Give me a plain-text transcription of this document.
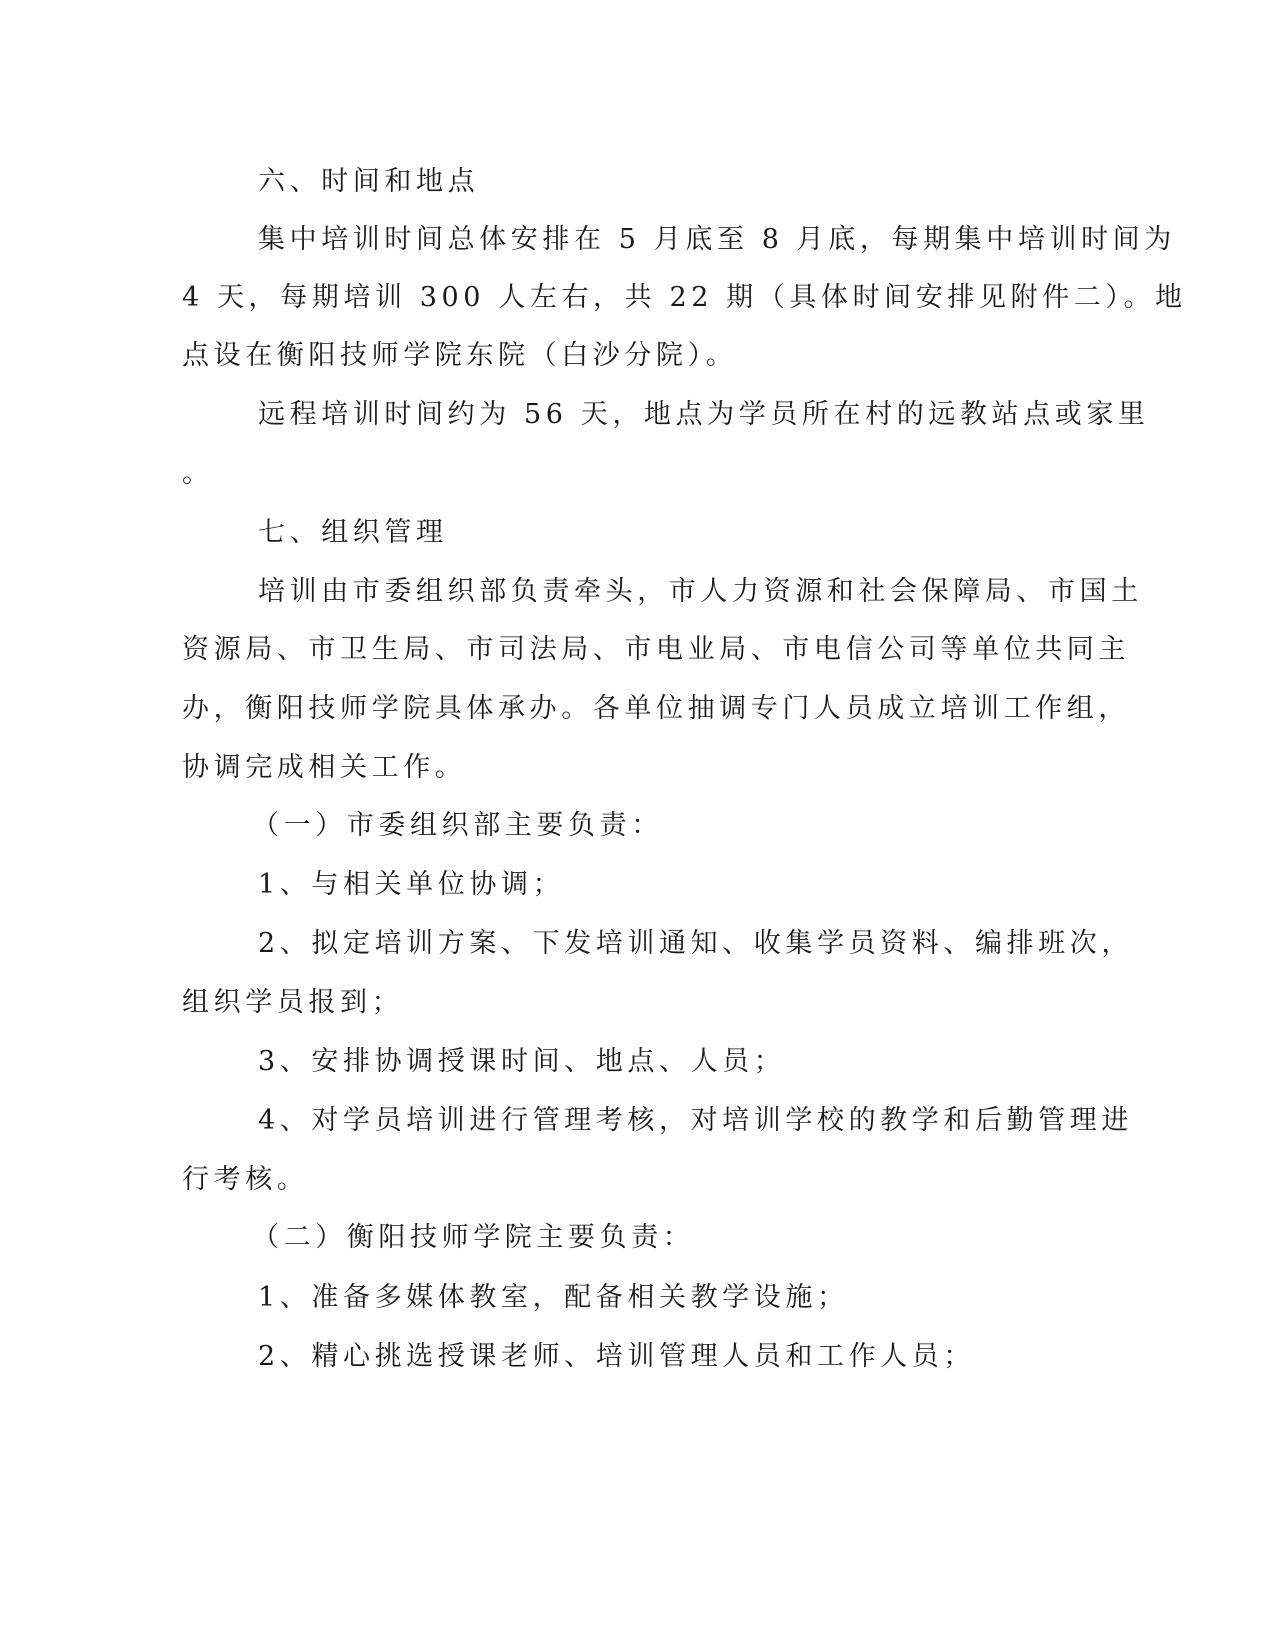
六、时间和地点
集中培训时间总体安排在 5 月底至 8 月底，每期集中培训时间为
4 天，每期培训 300 人左右，共 22 期（具体时间安排见附件二）。地
点设在衡阳技师学院东院（白沙分院）。
远程培训时间约为 56 天，地点为学员所在村的远教站点或家里
。
七、组织管理
培训由市委组织部负责牵头，市人力资源和社会保障局、市国土
资源局、市卫生局、市司法局、市电业局、市电信公司等单位共同主
办，衡阳技师学院具体承办。各单位抽调专门人员成立培训工作组，
协调完成相关工作。
（一）市委组织部主要负责：
1、与相关单位协调；
2、拟定培训方案、下发培训通知、收集学员资料、编排班次，
组织学员报到；
3、安排协调授课时间、地点、人员；
4、对学员培训进行管理考核，对培训学校的教学和后勤管理进
行考核。
（二）衡阳技师学院主要负责：
1、准备多媒体教室，配备相关教学设施；
2、精心挑选授课老师、培训管理人员和工作人员；
